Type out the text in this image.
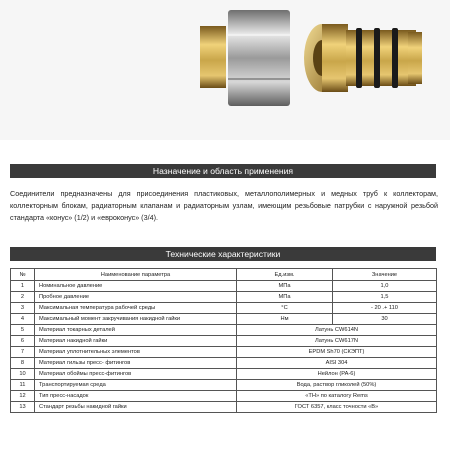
Назначение и область применения
Соединители предназначены для присоединения пластиковых, металлополимерных и медных труб к коллекторам, коллекторным блокам, радиаторным клапанам и радиаторным узлам, имеющим резьбовые патрубки с наружной резьбой стандарта «конус» (1/2) и «евроконус» (3/4).
Технические характеристики
№	Наименование параметра	Ед.изм.	Значение
1	Номинальное давление	МПа	1,0
2	Пробное давление	МПа	1,5
3	Максимальная температура рабочей среды	°С	- 20 .+ 110
4	Максимальный момент закручивания накидной гайки	Нм	30
5	Материал токарных деталей	Латунь CW614N	
6	Материал накидной гайки	Латунь CW617N	
7	Материал уплотнительных элементов	EPDM Sh70 (СКЭПТ)	
8	Материал гильзы пресс- фитингов	AISI 304	
10	Материал обоймы пресс-фитингов	Нейлон (PA-6)	
11	Транспортируемая среда	Вода, раствор гликолей (50%)	
12	Тип пресс-насадок	«TH» по каталогу Rems	
13	Стандарт резьбы накидной гайки	ГОСТ 6357, класс точности «В»	
